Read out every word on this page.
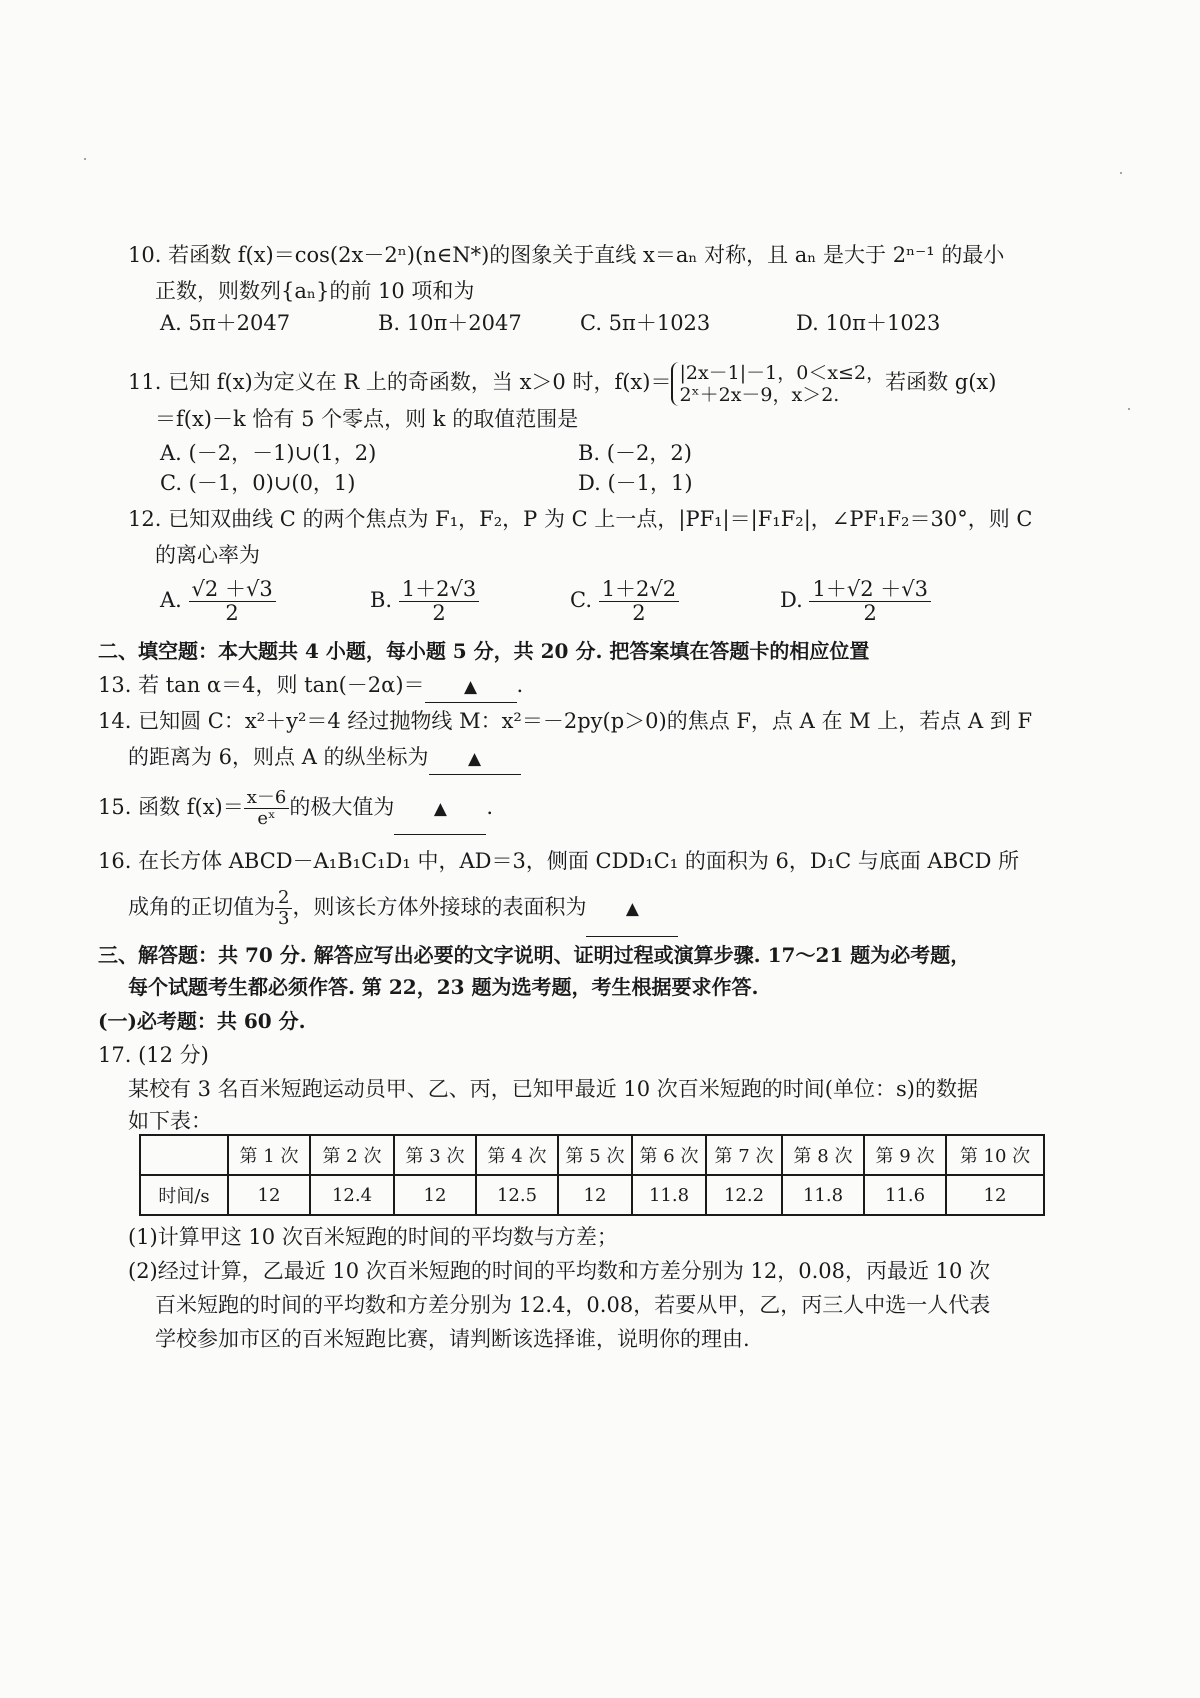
10. 若函数 f(x)＝cos(2x－2ⁿ)(n∈N*)的图象关于直线 x＝aₙ 对称，且 aₙ 是大于 2ⁿ⁻¹ 的最小
正数，则数列{aₙ}的前 10 项和为
A. 5π＋2047	B. 10π＋2047	C. 5π＋1023	D. 10π＋1023
11. 已知 f(x)为定义在 R 上的奇函数，当 x＞0 时，f(x)＝ |2x－1|－1，0＜x≤2，
2ˣ＋2x－9，x＞2.
若函数 g(x)
＝f(x)－k 恰有 5 个零点，则 k 的取值范围是
A. (－2，－1)∪(1，2)	B. (－2，2)
C. (－1，0)∪(0，1)	D. (－1，1)
12. 已知双曲线 C 的两个焦点为 F₁，F₂，P 为 C 上一点，|PF₁|＝|F₁F₂|，∠PF₁F₂＝30°，则 C
的离心率为
A. $\frac{√2 +√3}{2}$	B. $\frac{1+2√3}{2}$	C. $\frac{1+2√2}{2}$	D. $\frac{1+√2 +√3}{2}$
二、填空题：本大题共 4 小题，每小题 5 分，共 20 分. 把答案填在答题卡的相应位置
13. 若 tan α＝4，则 tan(－2α)＝ ▲ .
14. 已知圆 C：x²＋y²＝4 经过抛物线 M：x²＝－2py(p＞0)的焦点 F，点 A 在 M 上，若点 A 到 F
的距离为 6，则点 A 的纵坐标为 ▲
15. 函数 $f(x)= \frac{x-6}{\text{eˣ}}$ 的极大值为 ▲ .
16. 在长方体 ABCD－A₁B₁C₁D₁ 中，AD＝3，侧面 CDD₁C₁ 的面积为 6，D₁C 与底面 ABCD 所
成角的正切值为 $\frac{2}{3}$ ，则该长方体外接球的表面积为 ▲
三、解答题：共 70 分. 解答应写出必要的文字说明、证明过程或演算步骤. 17～21 题为必考题，
每个试题考生都必须作答. 第 22，23 题为选考题，考生根据要求作答.
(一)必考题：共 60 分.
17. (12 分)
某校有 3 名百米短跑运动员甲、乙、丙，已知甲最近 10 次百米短跑的时间(单位：s)的数据
如下表：
	第 1 次	第 2 次	第 3 次	第 4 次	第 5 次	第 6 次	第 7 次	第 8 次	第 9 次	第 10 次
时间/s	12	12.4	12	12.5	12	11.8	12.2	11.8	11.6	12
(1)计算甲这 10 次百米短跑的时间的平均数与方差；
(2)经过计算，乙最近 10 次百米短跑的时间的平均数和方差分别为 12，0.08，丙最近 10 次
百米短跑的时间的平均数和方差分别为 12.4，0.08，若要从甲，乙，丙三人中选一人代表
学校参加市区的百米短跑比赛，请判断该选择谁，说明你的理由.
